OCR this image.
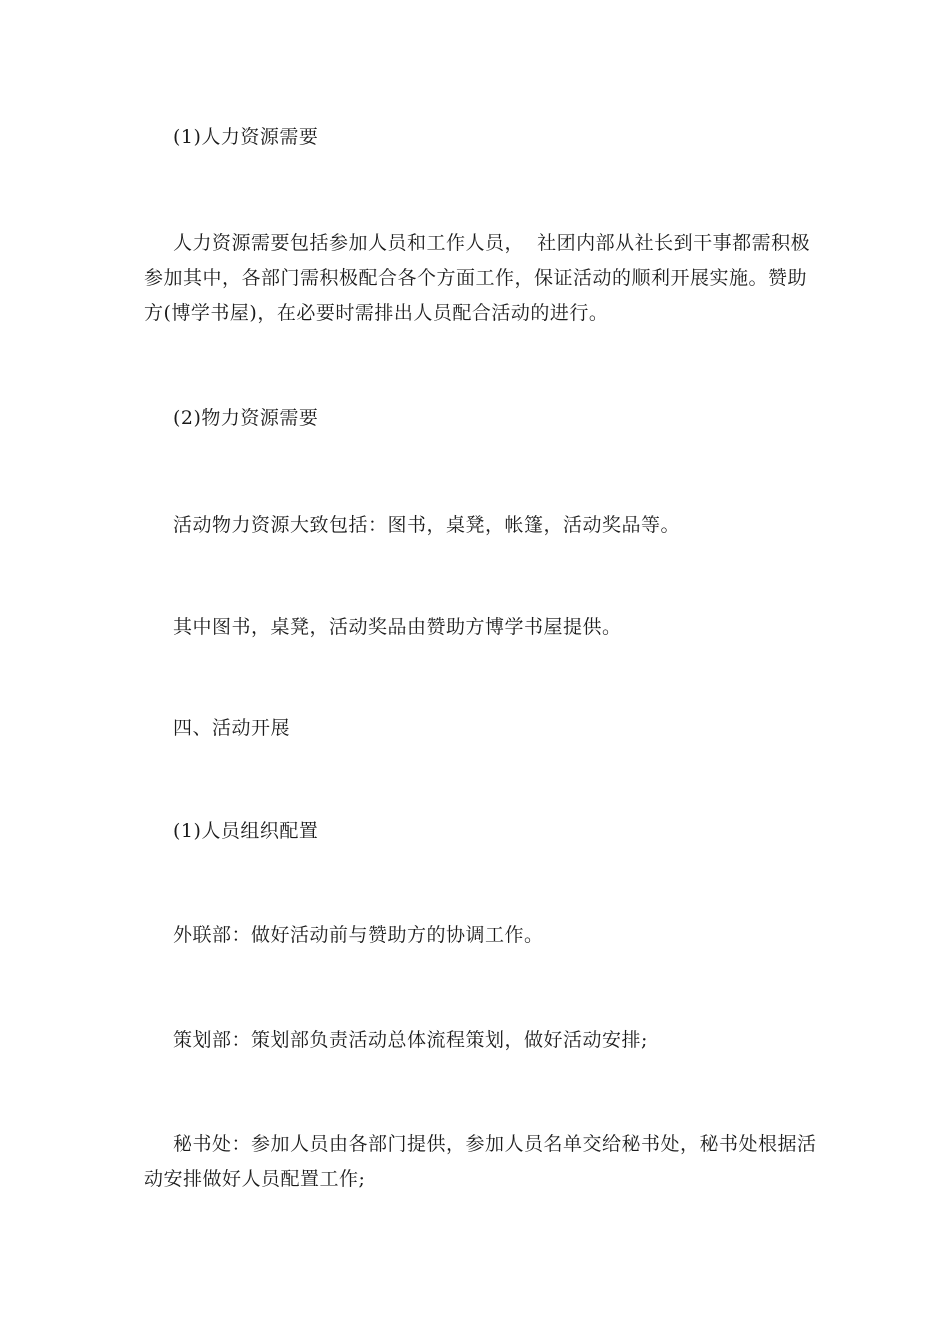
(1)人力资源需要
人力资源需要包括参加人员和工作人员，  社团内部从社长到干事都需积极
参加其中，各部门需积极配合各个方面工作，保证活动的顺利开展实施。赞助
方(博学书屋)，在必要时需排出人员配合活动的进行。
(2)物力资源需要
活动物力资源大致包括：图书，桌凳，帐篷，活动奖品等。
其中图书，桌凳，活动奖品由赞助方博学书屋提供。
四、活动开展
(1)人员组织配置
外联部：做好活动前与赞助方的协调工作。
策划部：策划部负责活动总体流程策划，做好活动安排;
秘书处：参加人员由各部门提供，参加人员名单交给秘书处，秘书处根据活
动安排做好人员配置工作;
